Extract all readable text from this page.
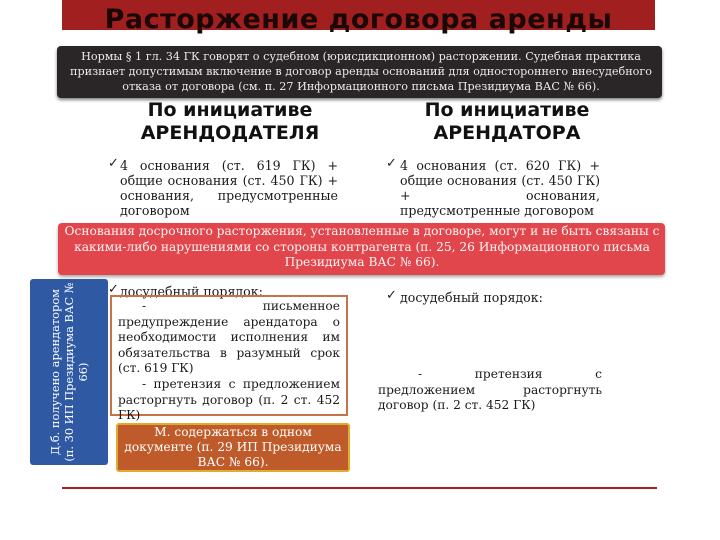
Расторжение договора аренды
Нормы § 1 гл. 34 ГК говорят о судебном (юрисдикционном) расторжении. Судебная практика признает допустимым включение в договор аренды оснований для одностороннего внесудебного отказа от договора (см. п. 27 Информационного письма Президиума ВАС № 66).
По инициативе
АРЕНДОДАТЕЛЯ
По инициативе
АРЕНДАТОРА
✓ 4 основания (ст. 619 ГК) + общие основания (ст. 450 ГК) + основания, предусмотренные договором
✓ 4 основания (ст. 620 ГК) + общие основания (ст. 450 ГК) + основания, предусмотренные договором
Основания досрочного расторжения, установленные в договоре, могут и не быть связаны с какими-либо нарушениями со стороны контрагента (п. 25, 26 Информационного письма Президиума ВАС № 66).
Д.б. получено арендатором (п. 30 ИП Президиума ВАС № 66)
✓ досудебный порядок:	✓ досудебный порядок:

- письменное предупреждение арендатора о необходимости исполнения им обязательства в разумный срок (ст. 619 ГК)

- претензия с предложением расторгнуть договор (п. 2 ст. 452 ГК)

- претензия с предложением расторгнуть договор (п. 2 ст. 452 ГК)

М. содержаться в одном документе (п. 29 ИП Президиума ВАС № 66).
